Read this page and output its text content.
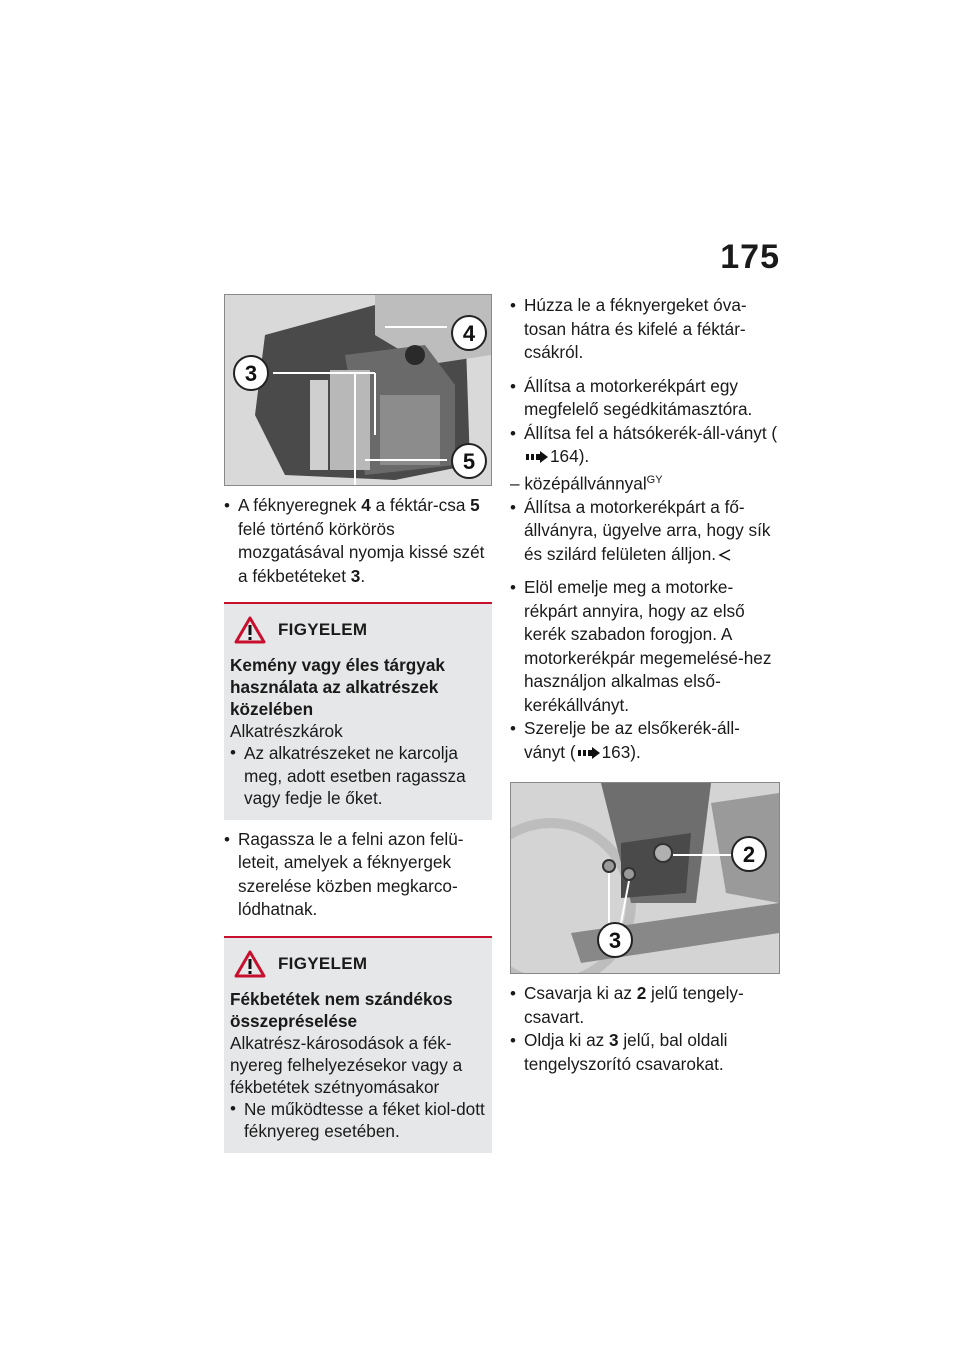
175
3
4
5
• A féknyeregnek 4 a féktár-csa 5 felé történő körkörös mozgatásával nyomja kissé szét a fékbetéteket 3.
FIGYELEM
Kemény vagy éles tárgyak használata az alkatrészek közelében
Alkatrészkárok
• Az alkatrészeket ne karcolja meg, adott esetben ragassza vagy fedje le őket.
• Ragassza le a felni azon felü-leteit, amelyek a féknyergek szerelése közben megkarco-lódhatnak.
FIGYELEM
Fékbetétek nem szándékos összepréselése
Alkatrész-károsodások a fék-nyereg felhelyezésekor vagy a fékbetétek szétnyomásakor
• Ne működtesse a féket kiol-dott féknyereg esetében.
• Húzza le a féknyergeket óva-tosan hátra és kifelé a féktár-csákról.
• Állítsa a motorkerékpárt egy megfelelő segédkitámasztóra.
• Állítsa fel a hátsókerék-áll-ványt (164).
– középállvánnyal$^{GY}$
• Állítsa a motorkerékpárt a fő-állványra, ügyelve arra, hogy sík és szilárd felületen álljon.
• Elöl emelje meg a motorke-rékpárt annyira, hogy az első kerék szabadon forogjon. A motorkerékpár megemelésé-hez használjon alkalmas első-kerékállványt.
• Szerelje be az elsőkerék-áll-ványt ( 163).
2
3
• Csavarja ki az 2 jelű tengely-csavart.
• Oldja ki az 3 jelű, bal oldali tengelyszorító csavarokat.
